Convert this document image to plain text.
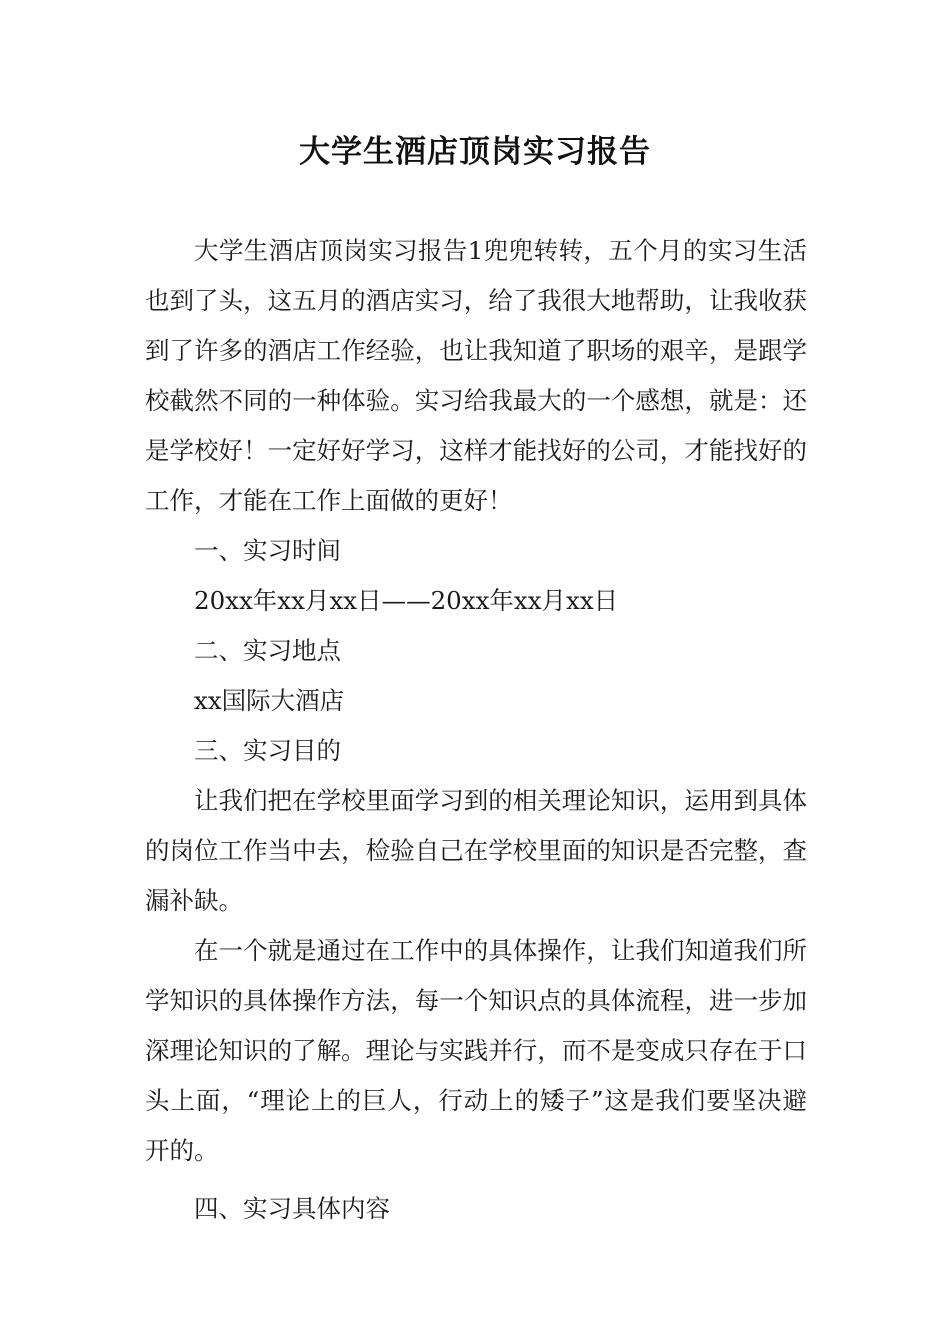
大学生酒店顶岗实习报告

大学生酒店顶岗实习报告1兜兜转转，五个月的实习生活也到了头，这五月的酒店实习，给了我很大地帮助，让我收获到了许多的酒店工作经验，也让我知道了职场的艰辛，是跟学校截然不同的一种体验。实习给我最大的一个感想，就是：还是学校好！一定好好学习，这样才能找好的公司，才能找好的工作，才能在工作上面做的更好！

一、实习时间

20xx年xx月xx日——20xx年xx月xx日

二、实习地点

xx国际大酒店

三、实习目的

让我们把在学校里面学习到的相关理论知识，运用到具体的岗位工作当中去，检验自己在学校里面的知识是否完整，查漏补缺。

在一个就是通过在工作中的具体操作，让我们知道我们所学知识的具体操作方法，每一个知识点的具体流程，进一步加深理论知识的了解。理论与实践并行，而不是变成只存在于口头上面，“理论上的巨人，行动上的矮子”这是我们要坚决避开的。

四、实习具体内容
